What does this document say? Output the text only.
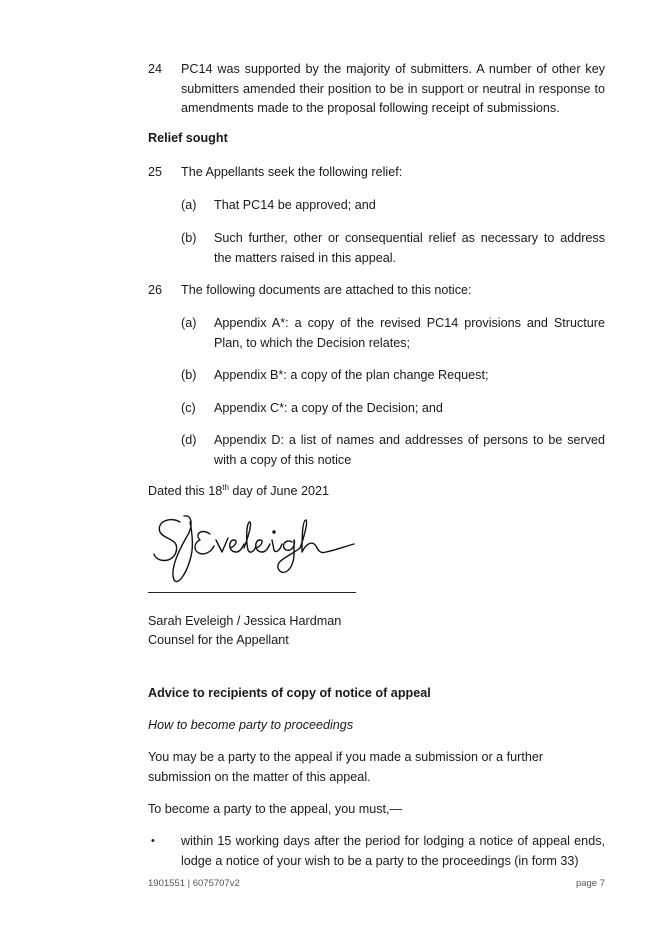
24 PC14 was supported by the majority of submitters. A number of other key submitters amended their position to be in support or neutral in response to amendments made to the proposal following receipt of submissions.
Relief sought
25 The Appellants seek the following relief:
(a) That PC14 be approved; and
(b) Such further, other or consequential relief as necessary to address the matters raised in this appeal.
26 The following documents are attached to this notice:
(a) Appendix A*: a copy of the revised PC14 provisions and Structure Plan, to which the Decision relates;
(b) Appendix B*: a copy of the plan change Request;
(c) Appendix C*: a copy of the Decision; and
(d) Appendix D: a list of names and addresses of persons to be served with a copy of this notice
Dated this 18th day of June 2021
Sarah Eveleigh / Jessica Hardman
Counsel for the Appellant
Advice to recipients of copy of notice of appeal
How to become party to proceedings
You may be a party to the appeal if you made a submission or a further submission on the matter of this appeal.
To become a party to the appeal, you must,—
• within 15 working days after the period for lodging a notice of appeal ends, lodge a notice of your wish to be a party to the proceedings (in form 33)
1901551 | 6075707v2	page 7
